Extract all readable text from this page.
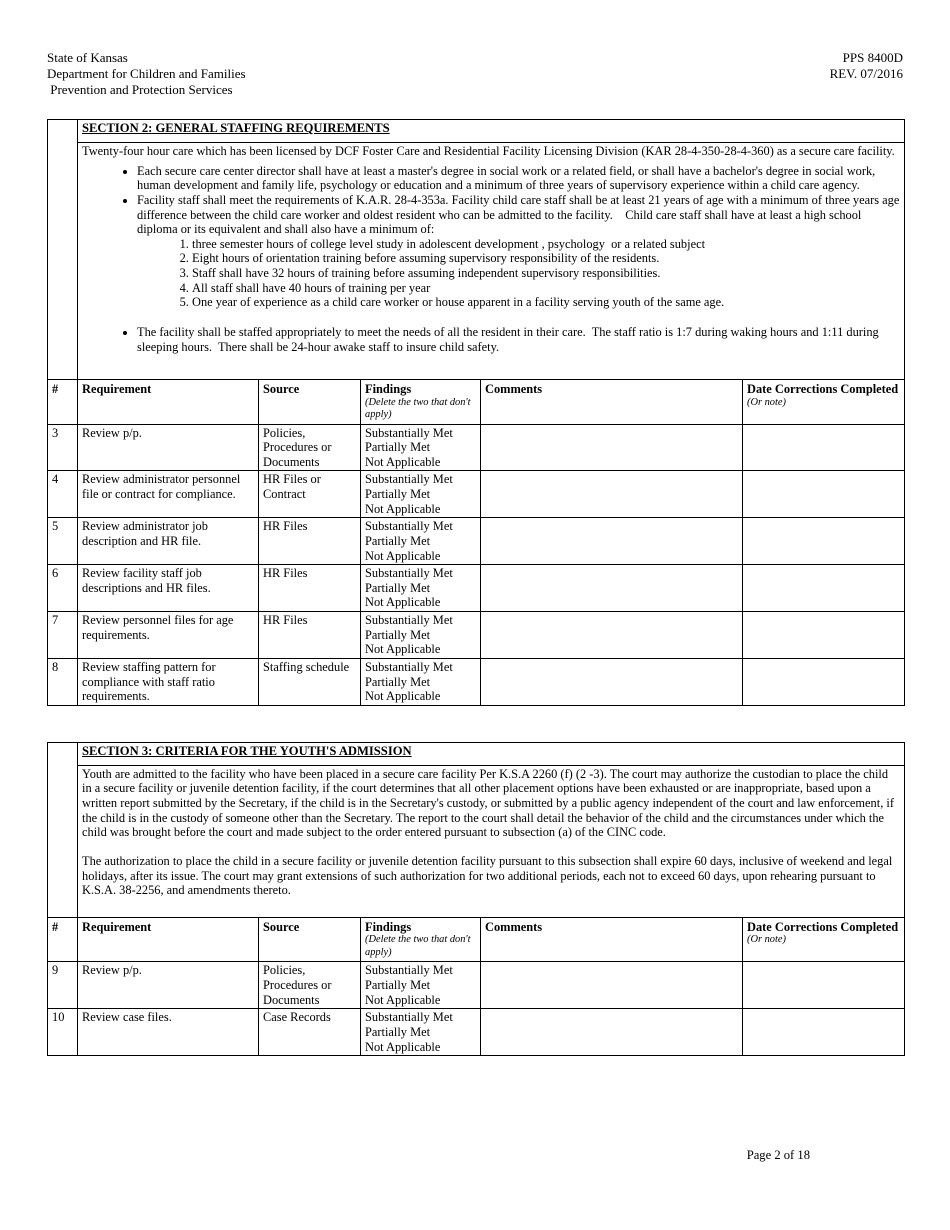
State of Kansas
Department for Children and Families
Prevention and Protection Services
PPS 8400D
REV. 07/2016
	SECTION 2: GENERAL STAFFING REQUIREMENTS				

Twenty-four hour care which has been licensed by DCF Foster Care and Residential Facility Licensing Division (KAR 28-4-350-28-4-360) as a secure care facility.

• Each secure care center director shall have at least a master's degree in social work or a related field, or shall have a bachelor's degree in social work, human development and family life, psychology or education and a minimum of three years of supervisory experience within a child care agency.
• Facility staff shall meet the requirements of K.A.R. 28-4-353a. Facility child care staff shall be at least 21 years of age with a minimum of three years age difference between the child care worker and oldest resident who can be admitted to the facility.    Child care staff shall have at least a high school diploma or its equivalent and shall also have a minimum of:
1. three semester hours of college level study in adolescent development , psychology  or a related subject
2. Eight hours of orientation training before assuming supervisory responsibility of the residents.
3. Staff shall have 32 hours of training before assuming independent supervisory responsibilities.
4. All staff shall have 40 hours of training per year
5. One year of experience as a child care worker or house apparent in a facility serving youth of the same age.
• The facility shall be staffed appropriately to meet the needs of all the resident in their care.  The staff ratio is 1:7 during waking hours and 1:11 during sleeping hours.  There shall be 24-hour awake staff to insure child safety.

#	Requirement	Source	Findings
(Delete the two that don't apply)	Comments	Date Corrections Completed
(Or note)

3	Review p/p.	Policies, Procedures or Documents	Substantially Met
Partially Met
Not Applicable		

4	Review administrator personnel file or contract for compliance.	HR Files or Contract	Substantially Met
Partially Met
Not Applicable		

5	Review administrator job description and HR file.	HR Files	Substantially Met
Partially Met
Not Applicable		

6	Review facility staff job descriptions and HR files.	HR Files	Substantially Met
Partially Met
Not Applicable		

7	Review personnel files for age requirements.	HR Files	Substantially Met
Partially Met
Not Applicable		

8	Review staffing pattern for compliance with staff ratio requirements.	Staffing schedule	Substantially Met
Partially Met
Not Applicable		

	SECTION 3: CRITERIA FOR THE YOUTH'S ADMISSION				

	Youth are admitted to the facility who have been placed in a secure care facility Per K.S.A 2260 (f) (2 -3). The court may authorize the custodian to place the child in a secure facility or juvenile detention facility, if the court determines that all other placement options have been exhausted or are inappropriate, based upon a written report submitted by the Secretary, if the child is in the Secretary's custody, or submitted by a public agency independent of the court and law enforcement, if the child is in the custody of someone other than the Secretary. The report to the court shall detail the behavior of the child and the circumstances under which the child was brought before the court and made subject to the order entered pursuant to subsection (a) of the CINC code.

The authorization to place the child in a secure facility or juvenile detention facility pursuant to this subsection shall expire 60 days, inclusive of weekend and legal holidays, after its issue. The court may grant extensions of such authorization for two additional periods, each not to exceed 60 days, upon rehearing pursuant to K.S.A. 38-2256, and amendments thereto.				

#	Requirement	Source	Findings
(Delete the two that don't apply)	Comments	Date Corrections Completed
(Or note)

9	Review p/p.	Policies, Procedures or Documents	Substantially Met
Partially Met
Not Applicable		

10	Review case files.	Case Records	Substantially Met
Partially Met
Not Applicable		

Page 2 of 18
